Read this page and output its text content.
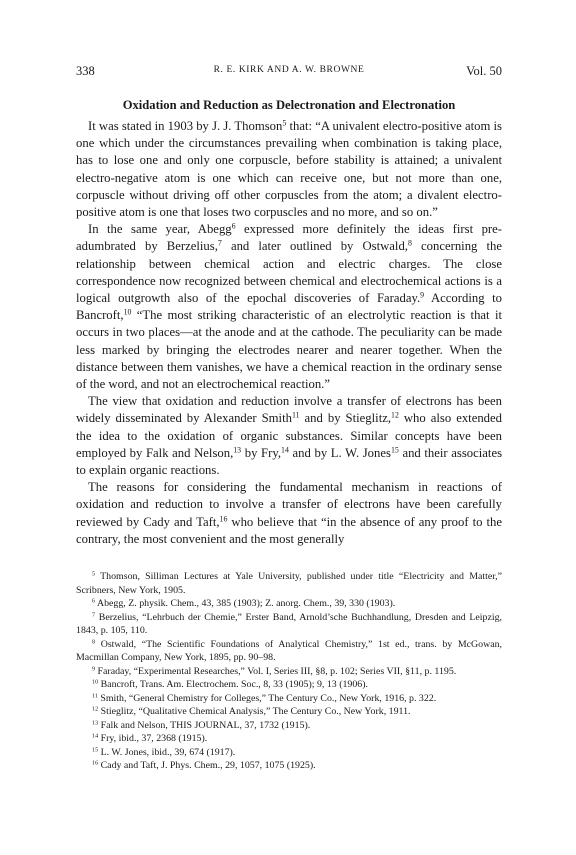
338	R. E. KIRK AND A. W. BROWNE	Vol. 50
Oxidation and Reduction as Delectronation and Electronation

It was stated in 1903 by J. J. Thomson$^5$ that: “A univalent electro-positive atom is one which under the circumstances prevailing when combination is taking place, has to lose one and only one corpuscle, before stability is attained; a univalent electro-negative atom is one which can receive one, but not more than one, corpuscle without driving off other corpuscles from the atom; a divalent electro-positive atom is one that loses two corpuscles and no more, and so on.”

In the same year, Abegg$^6$ expressed more definitely the ideas first pre-adumbrated by Berzelius,$^7$ and later outlined by Ostwald,$^8$ concerning the relationship between chemical action and electric charges. The close correspondence now recognized between chemical and electrochemical actions is a logical outgrowth also of the epochal discoveries of Faraday.$^9$ According to Bancroft,$^{10}$ “The most striking characteristic of an electrolytic reaction is that it occurs in two places—at the anode and at the cathode. The peculiarity can be made less marked by bringing the electrodes nearer and nearer together. When the distance between them vanishes, we have a chemical reaction in the ordinary sense of the word, and not an electrochemical reaction.”

The view that oxidation and reduction involve a transfer of electrons has been widely disseminated by Alexander Smith$^{11}$ and by Stieglitz,$^{12}$ who also extended the idea to the oxidation of organic substances. Similar concepts have been employed by Falk and Nelson,$^{13}$ by Fry,$^{14}$ and by L. W. Jones$^{15}$ and their associates to explain organic reactions.

The reasons for considering the fundamental mechanism in reactions of oxidation and reduction to involve a transfer of electrons have been carefully reviewed by Cady and Taft,$^{16}$ who believe that “in the absence of any proof to the contrary, the most convenient and the most generally

$^5$ Thomson, Silliman Lectures at Yale University, published under title “Electricity and Matter,” Scribners, New York, 1905.

$^6$ Abegg, Z. physik. Chem., 43, 385 (1903); Z. anorg. Chem., 39, 330 (1903).

$^7$ Berzelius, “Lehrbuch der Chemie,” Erster Band, Arnold’sche Buchhandlung, Dresden and Leipzig, 1843, p. 105, 110.

$^8$ Ostwald, “The Scientific Foundations of Analytical Chemistry,” 1st ed., trans. by McGowan, Macmillan Company, New York, 1895, pp. 90–98.

$^9$ Faraday, “Experimental Researches,” Vol. I, Series III, §8, p. 102; Series VII, §11, p. 1195.

$^{10}$ Bancroft, Trans. Am. Electrochem. Soc., 8, 33 (1905); 9, 13 (1906).

$^{11}$ Smith, “General Chemistry for Colleges,” The Century Co., New York, 1916, p. 322.

$^{12}$ Stieglitz, “Qualitative Chemical Analysis,” The Century Co., New York, 1911.

$^{13}$ Falk and Nelson, THIS JOURNAL, 37, 1732 (1915).

$^{14}$ Fry, ibid., 37, 2368 (1915).

$^{15}$ L. W. Jones, ibid., 39, 674 (1917).

$^{16}$ Cady and Taft, J. Phys. Chem., 29, 1057, 1075 (1925).
